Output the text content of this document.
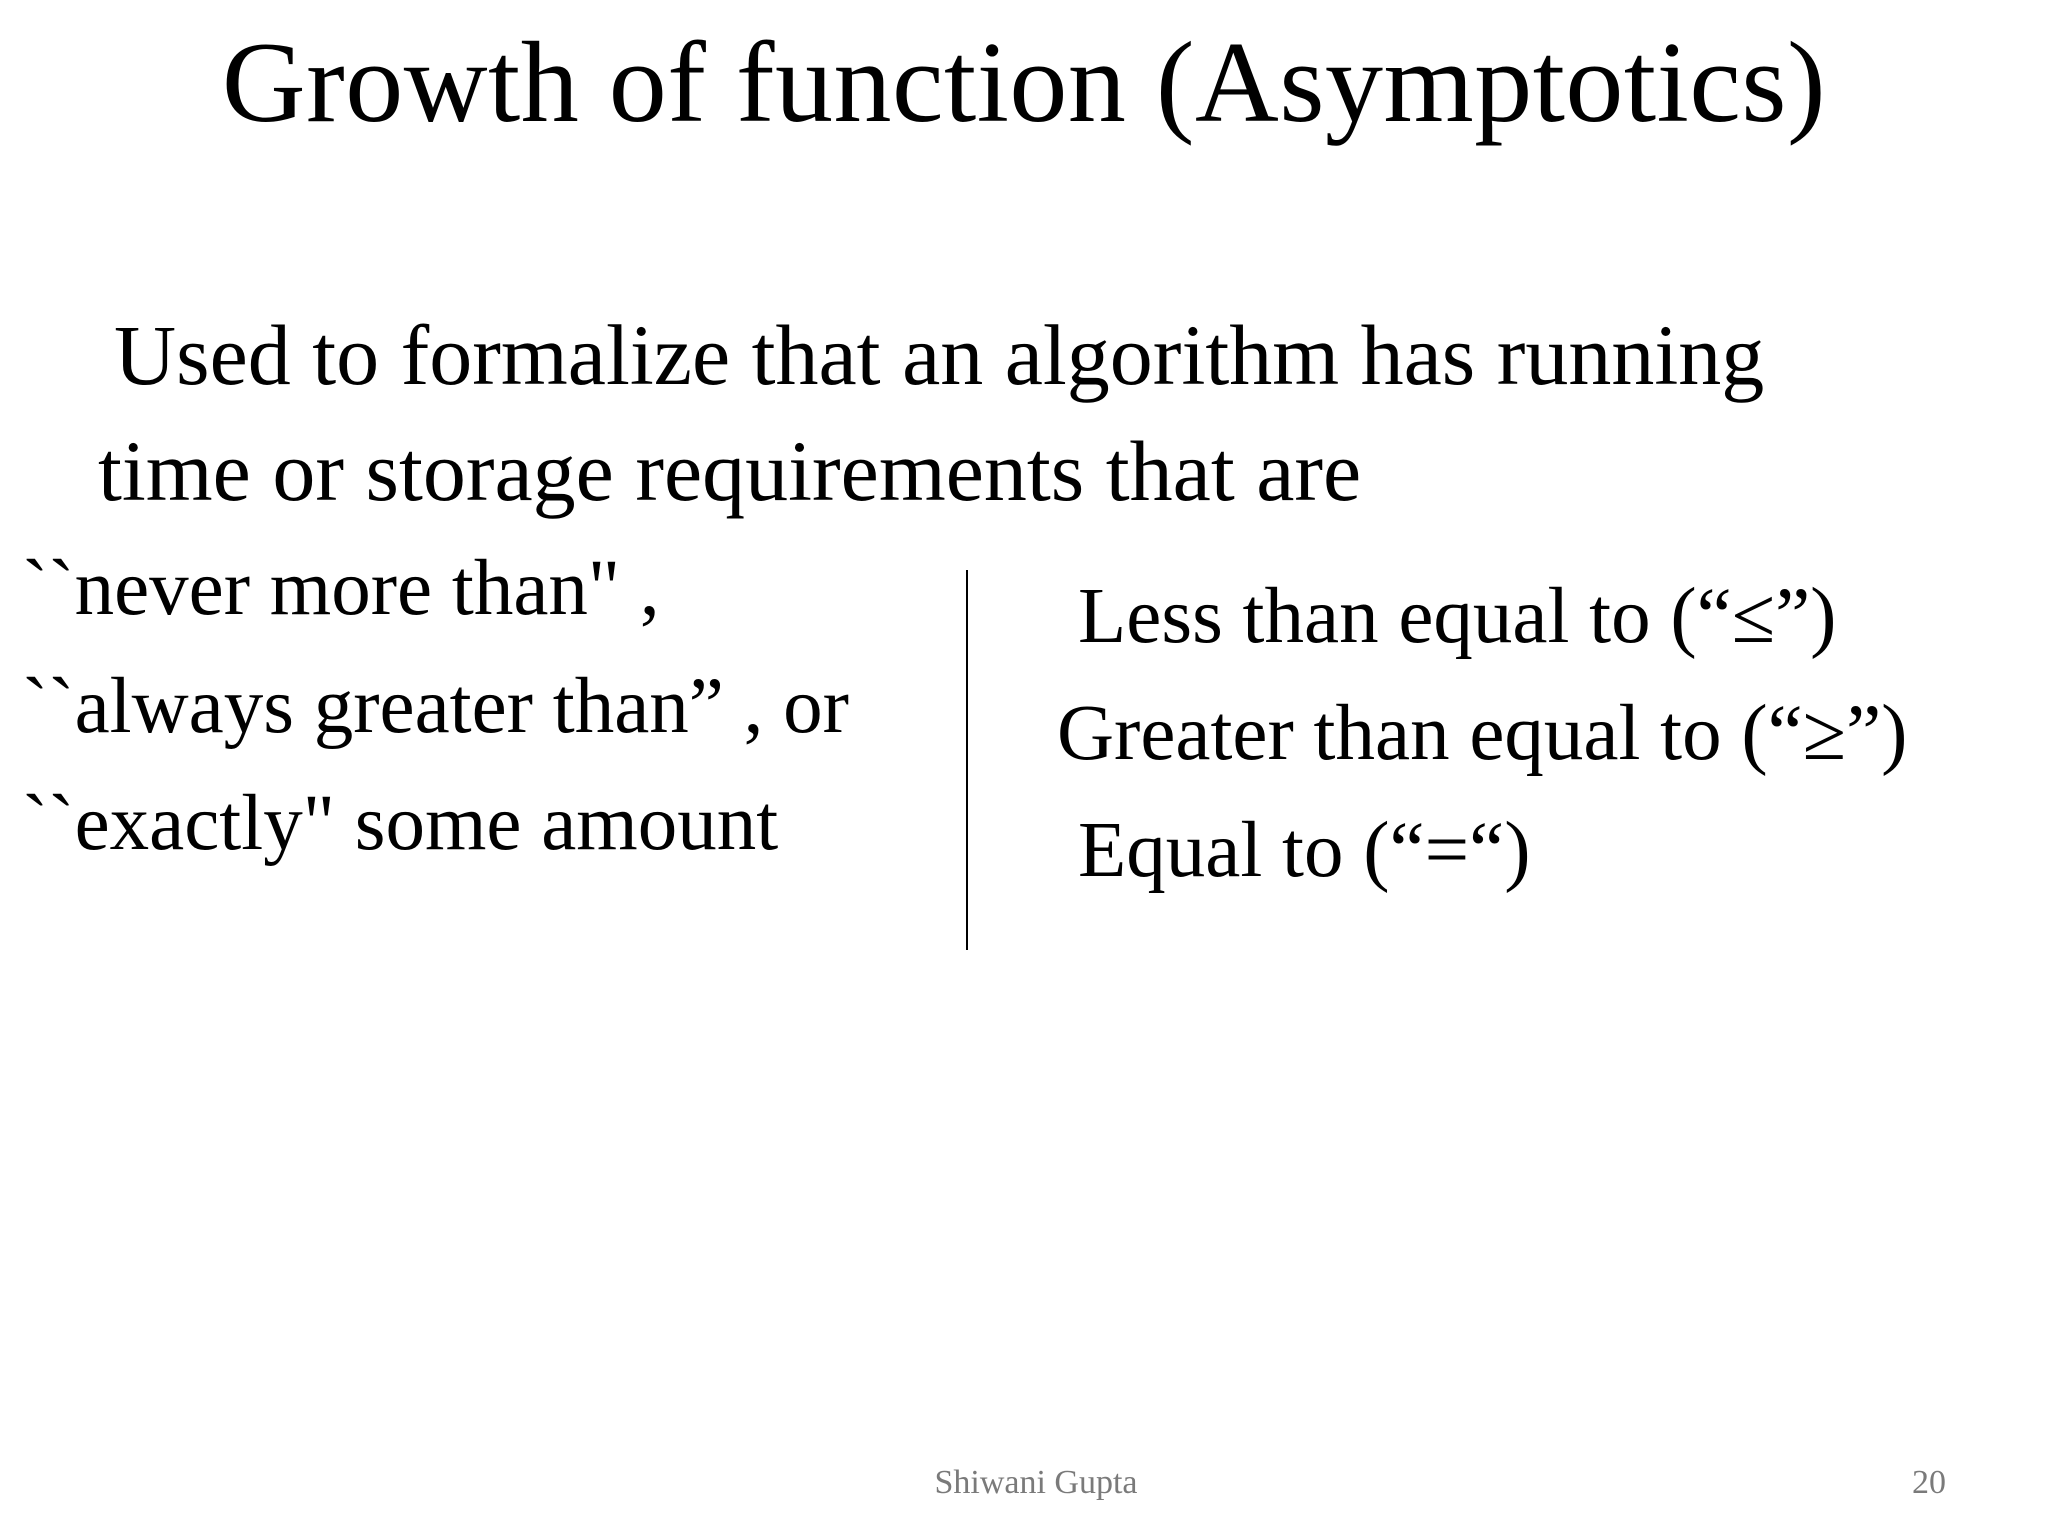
Growth of function (Asymptotics)
Used to formalize that an algorithm has running
time or storage requirements that are
``never more than" ,
``always greater than” , or
``exactly" some amount
Less than equal to (“≤”)
Greater than equal to (“≥”)
Equal to (“=“)
Shiwani Gupta	20
